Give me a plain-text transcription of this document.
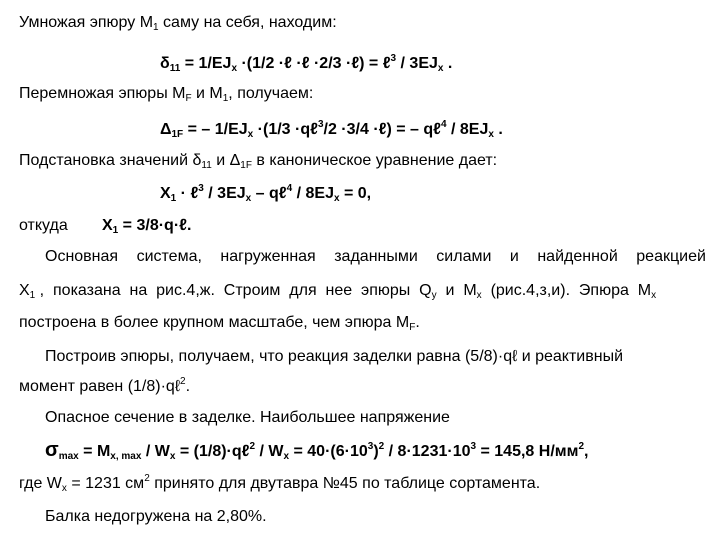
Умножая эпюру $M_1$ саму на себя, находим:
$\delta_{11} = 1/EJ_x \cdot(1/2$ ·ℓ ·ℓ ·2/3 ·ℓ) = ℓ$^3$ / $3EJ_x$ .
Перемножая эпюры $M_F$ и $M_1$, получаем:
$\Delta_{1F}$ = – $1/EJ_x \cdot(1/3$ ·qℓ$^3$/2 ·3/4 ·ℓ) = – qℓ$^4$ / $8EJ_x$ .
Подстановка значений $\delta_{11}$ и $\Delta_{1F}$ в каноническое уравнение дает:
$X_1$ · ℓ$^3$ / $3EJ_x$ – qℓ$^4$ / $8EJ_x = 0$,
откуда $X_1$ = 3/8·q·ℓ.
Основная система, нагруженная заданными силами и найденной реакцией
$X_1$ ,  показана  на  рис.4,ж.  Строим  для  нее  эпюры  $Q_y$  и  $M_x$  (рис.4,з,и).  Эпюра  $M_x$
построена в более крупном масштабе, чем эпюра $M_F$.
Построив эпюры, получаем, что реакция заделки равна (5/8)·qℓ и реактивный
момент равен (1/8)·qℓ$^2$.
Опасное сечение в заделке. Наибольшее напряжение
$\sigma_{max} = M_{x, max} / W_x$ = (1/8)·qℓ$^2$ / $W_x = 40\cdot(6\cdot 10^3)^2 / 8\cdot 1231\cdot 10^3 = 145,8$ $Н/мм^2$,
где $W_x = 1231$ $см^2$ принято для двутавра №45 по таблице сортамента.
Балка недогружена на 2,80%.
